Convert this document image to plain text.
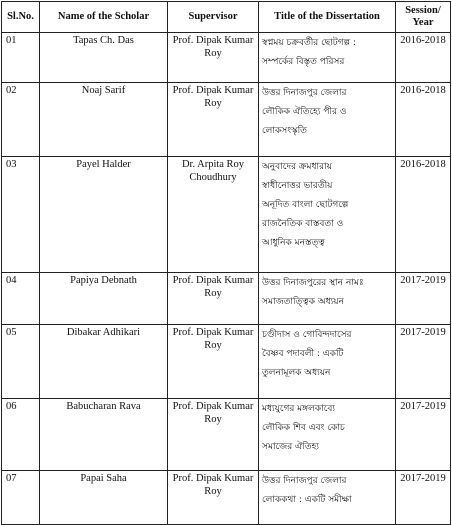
Sl.No.	Name of the Scholar	Supervisor	Title of the Dissertation	Session/ Year
01	Tapas Ch. Das	Prof. Dipak Kumar Roy	স্বপ্নময় চক্রবর্তীর ছোটগল্প :
সম্পর্কের বিস্তৃত পরিসর	2016-2018
02	Noaj Sarif	Prof. Dipak Kumar Roy	উত্তর দিনাজপুর জেলার
লৌকিক ঐতিহ্যে পীর ও
লোকসংস্কৃতি	2016-2018
03	Payel Halder	Dr. Arpita Roy Choudhury	অনুবাদের ক্রমধারায়
স্বাধীনোত্তর ভারতীয়
অনূদিত বাংলা ছোটগল্পে
রাজনৈতিক বাস্তবতা ও
আধুনিক মনস্তত্ত্ব	2016-2018
04	Papiya Debnath	Prof. Dipak Kumar Roy	উত্তর দিনাজপুরের স্থান নামঃ
সমাজতাত্ত্বিক অধ্যয়ন	2017-2019
05	Dibakar Adhikari	Prof. Dipak Kumar Roy	চণ্ডীদাস ও গোবিন্দদাসের
বৈষ্ণব পদাবলী : একটি
তুলনামূলক অধ্যয়ন	2017-2019
06	Babucharan Rava	Prof. Dipak Kumar Roy	মধ্যযুগের মঙ্গলকাব্যে
লৌকিক শিব এবং কোচ
সমাজের ঐতিহ্য	2017-2019
07	Papai Saha	Prof. Dipak Kumar Roy	উত্তর দিনাজপুর জেলার
লোককথা : একটি সমীক্ষা	2017-2019
